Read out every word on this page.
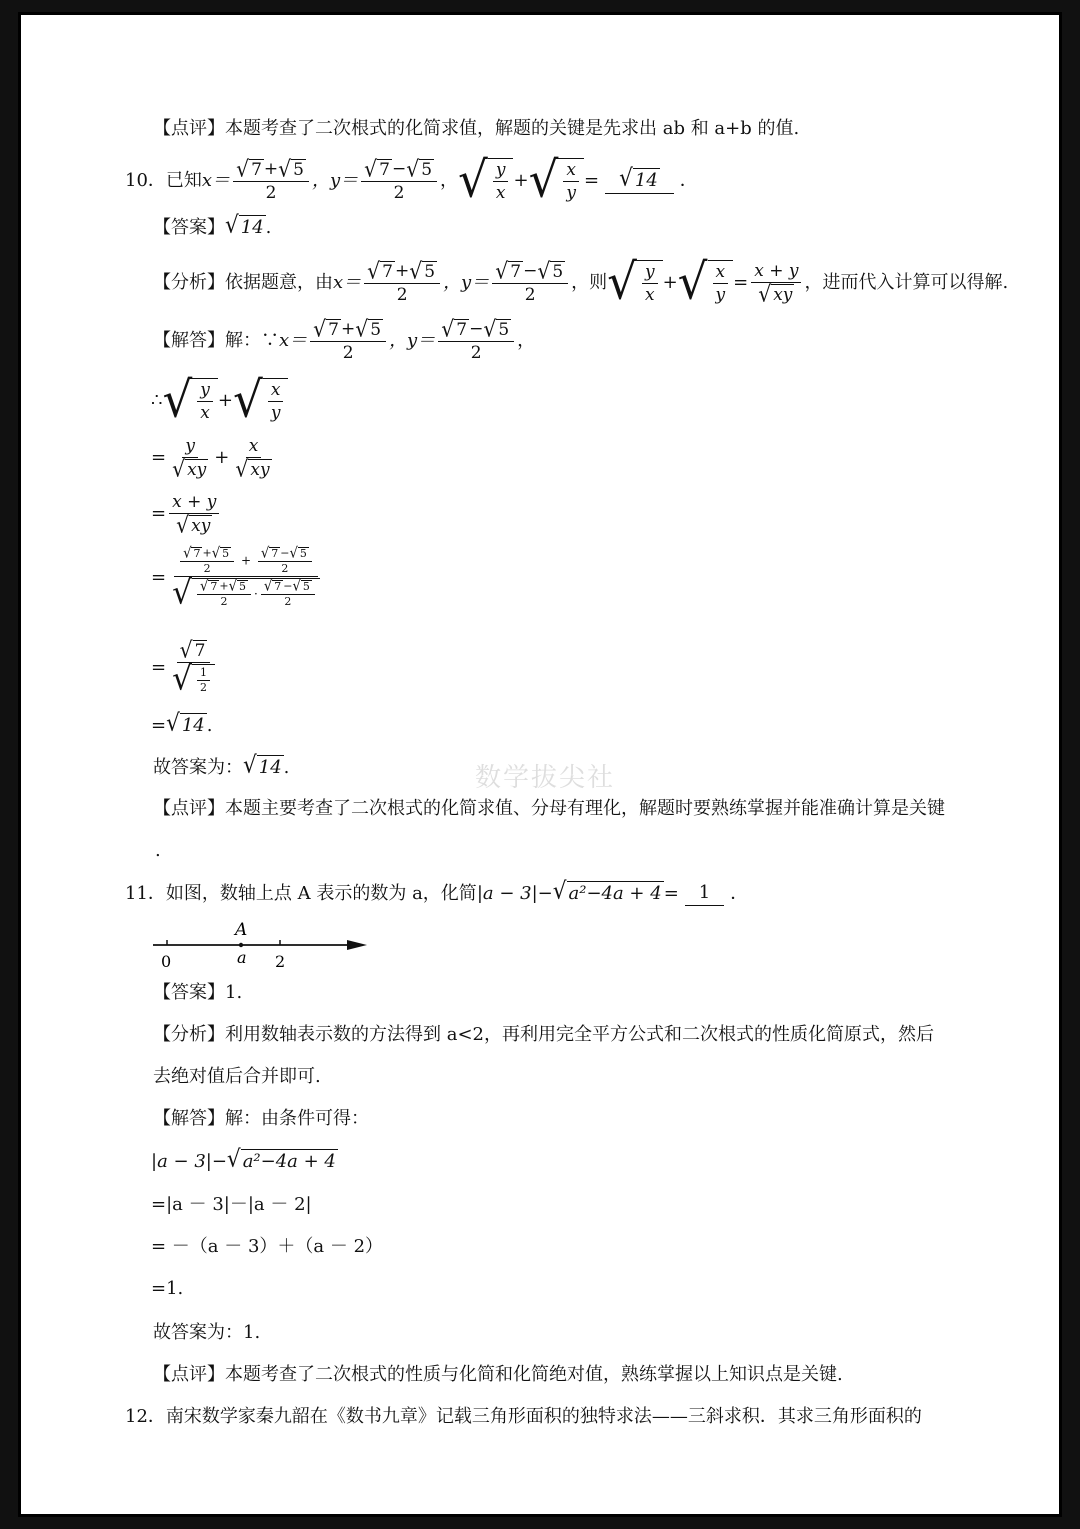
数学拔尖社
【点评】本题考查了二次根式的化简求值，解题的关键是先求出 ab 和 a+b 的值.
10．已知 $x= \frac{√ 7 + √ 5}{2}$ ，$y= \frac{√ 7 - √ 5}{2}$ ， √ $\frac{y}{x}$ + √ $\frac{x}{y}$ = √ 14 ．
【答案】 √ 14 .
【分析】依据题意，由 $x= \frac{√ 7 + √ 5}{2}$ ，$y= \frac{√ 7 - √ 5}{2}$ ，则 √ $\frac{y}{x}$ + √ $\frac{x}{y} = \frac{x + y}{√ xy}$ ，进而代入计算可以得解.
【解答】解：∵ $x= \frac{√ 7 + √ 5}{2}$ ，$y= \frac{√ 7 - √ 5}{2}$ ，
∴ √ $\frac{y}{x}$ + √ $\frac{x}{y}$
= $\frac{y}{√ xy} + \frac{x}{√ xy}$
= $\frac{x + y}{√ xy}$
= $\frac{\frac{√ 7 + √ 5}{2} + \frac{√ 7 - √ 5}{2}}{√ \frac{√ 7 + √ 5}{2} \cdot \frac{√ 7 - √ 5}{2}}$
= $\frac{√ 7}{√ \frac{1}{2}}$
= √ 14 .
故答案为： √ 14 .
【点评】本题主要考查了二次根式的化简求值、分母有理化，解题时要熟练掌握并能准确计算是关键
.
11．如图，数轴上点 A 表示的数为 a，化简 |a − 3|− √ a²−4a + 4 =	1	．
A
a
0	2
【答案】1.
【分析】利用数轴表示数的方法得到 a<2，再利用完全平方公式和二次根式的性质化简原式，然后
去绝对值后合并即可.
【解答】解：由条件可得：
|a − 3|− √ a²−4a + 4
=|a － 3|－|a － 2|
= －（a － 3）＋（a － 2）
=1.
故答案为：1.
【点评】本题考查了二次根式的性质与化简和化简绝对值，熟练掌握以上知识点是关键.
12．南宋数学家秦九韶在《数书九章》记载三角形面积的独特求法——三斜求积．其求三角形面积的
